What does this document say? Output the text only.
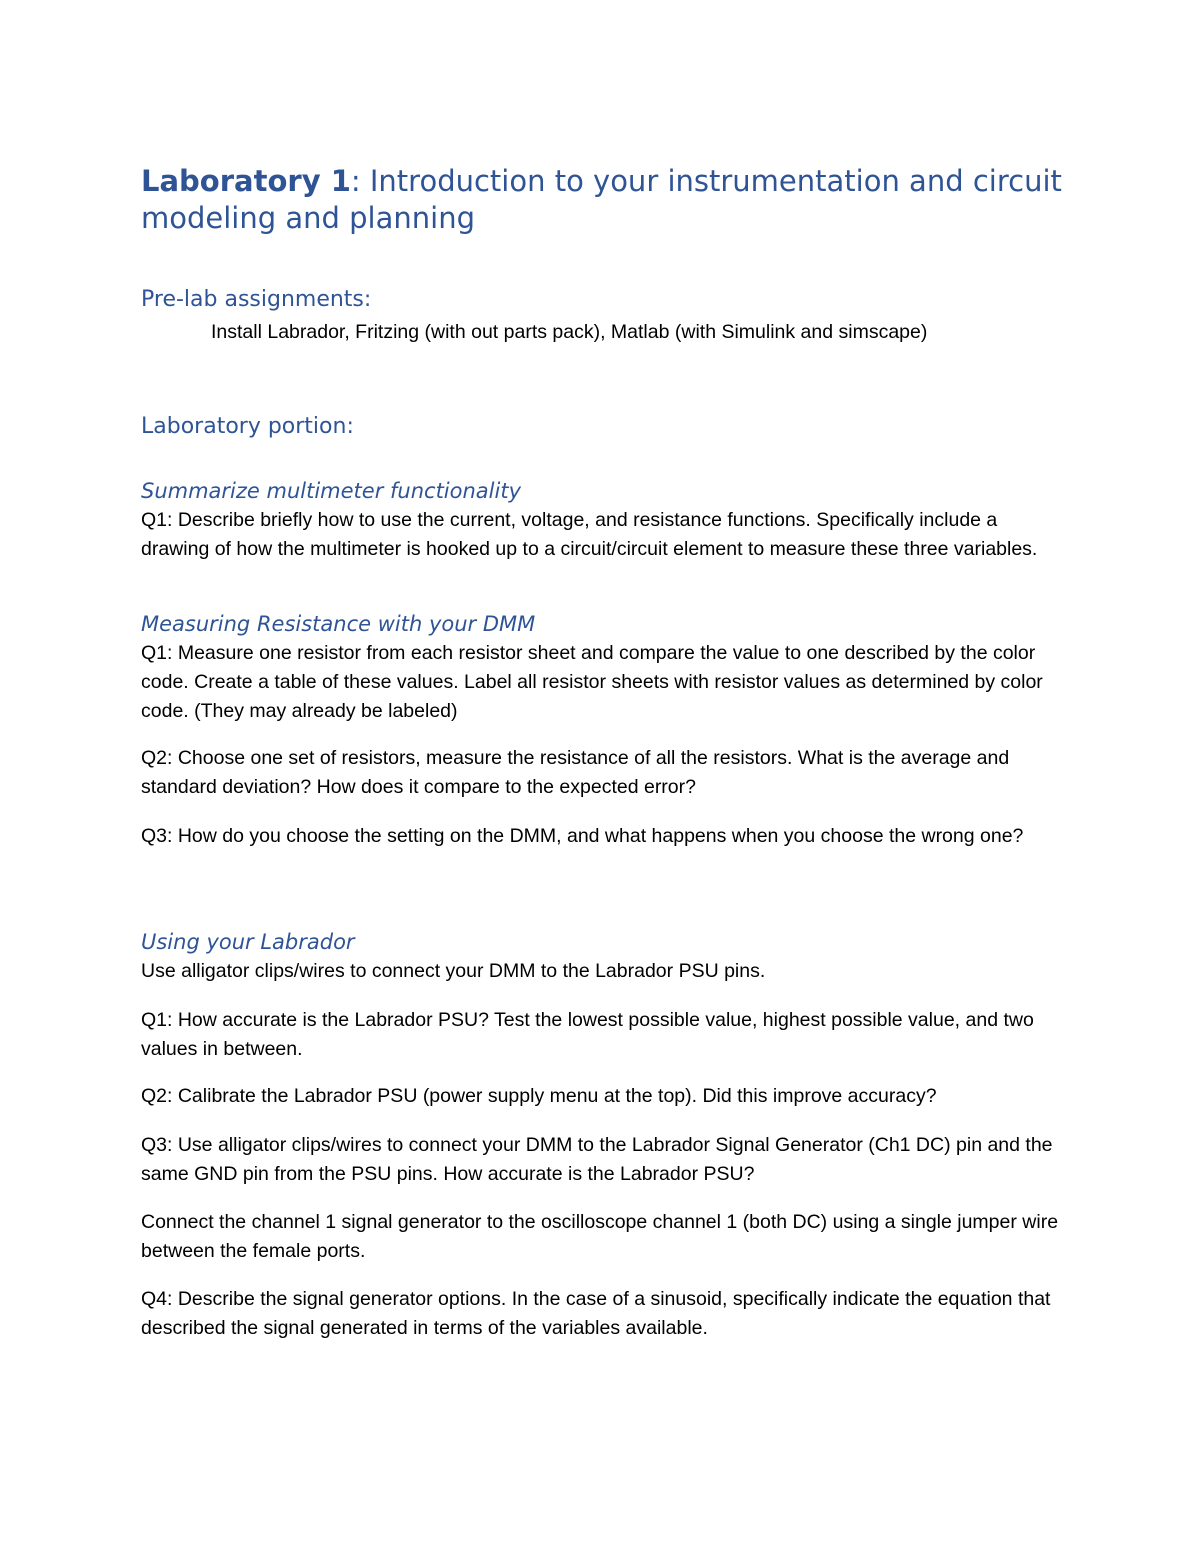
Laboratory 1: Introduction to your instrumentation and circuit modeling and planning
Pre-lab assignments:

Install Labrador, Fritzing (with out parts pack), Matlab (with Simulink and simscape)

Laboratory portion:
Summarize multimeter functionality

Q1: Describe briefly how to use the current, voltage, and resistance functions. Specifically include a drawing of how the multimeter is hooked up to a circuit/circuit element to measure these three variables.

Measuring Resistance with your DMM

Q1: Measure one resistor from each resistor sheet and compare the value to one described by the color code. Create a table of these values. Label all resistor sheets with resistor values as determined by color code. (They may already be labeled)

Q2: Choose one set of resistors, measure the resistance of all the resistors. What is the average and standard deviation? How does it compare to the expected error?

Q3: How do you choose the setting on the DMM, and what happens when you choose the wrong one?

Using your Labrador

Use alligator clips/wires to connect your DMM to the Labrador PSU pins.

Q1: How accurate is the Labrador PSU? Test the lowest possible value, highest possible value, and two values in between.

Q2: Calibrate the Labrador PSU (power supply menu at the top). Did this improve accuracy?

Q3: Use alligator clips/wires to connect your DMM to the Labrador Signal Generator (Ch1 DC) pin and the same GND pin from the PSU pins. How accurate is the Labrador PSU?

Connect the channel 1 signal generator to the oscilloscope channel 1 (both DC) using a single jumper wire between the female ports.

Q4: Describe the signal generator options. In the case of a sinusoid, specifically indicate the equation that described the signal generated in terms of the variables available.
